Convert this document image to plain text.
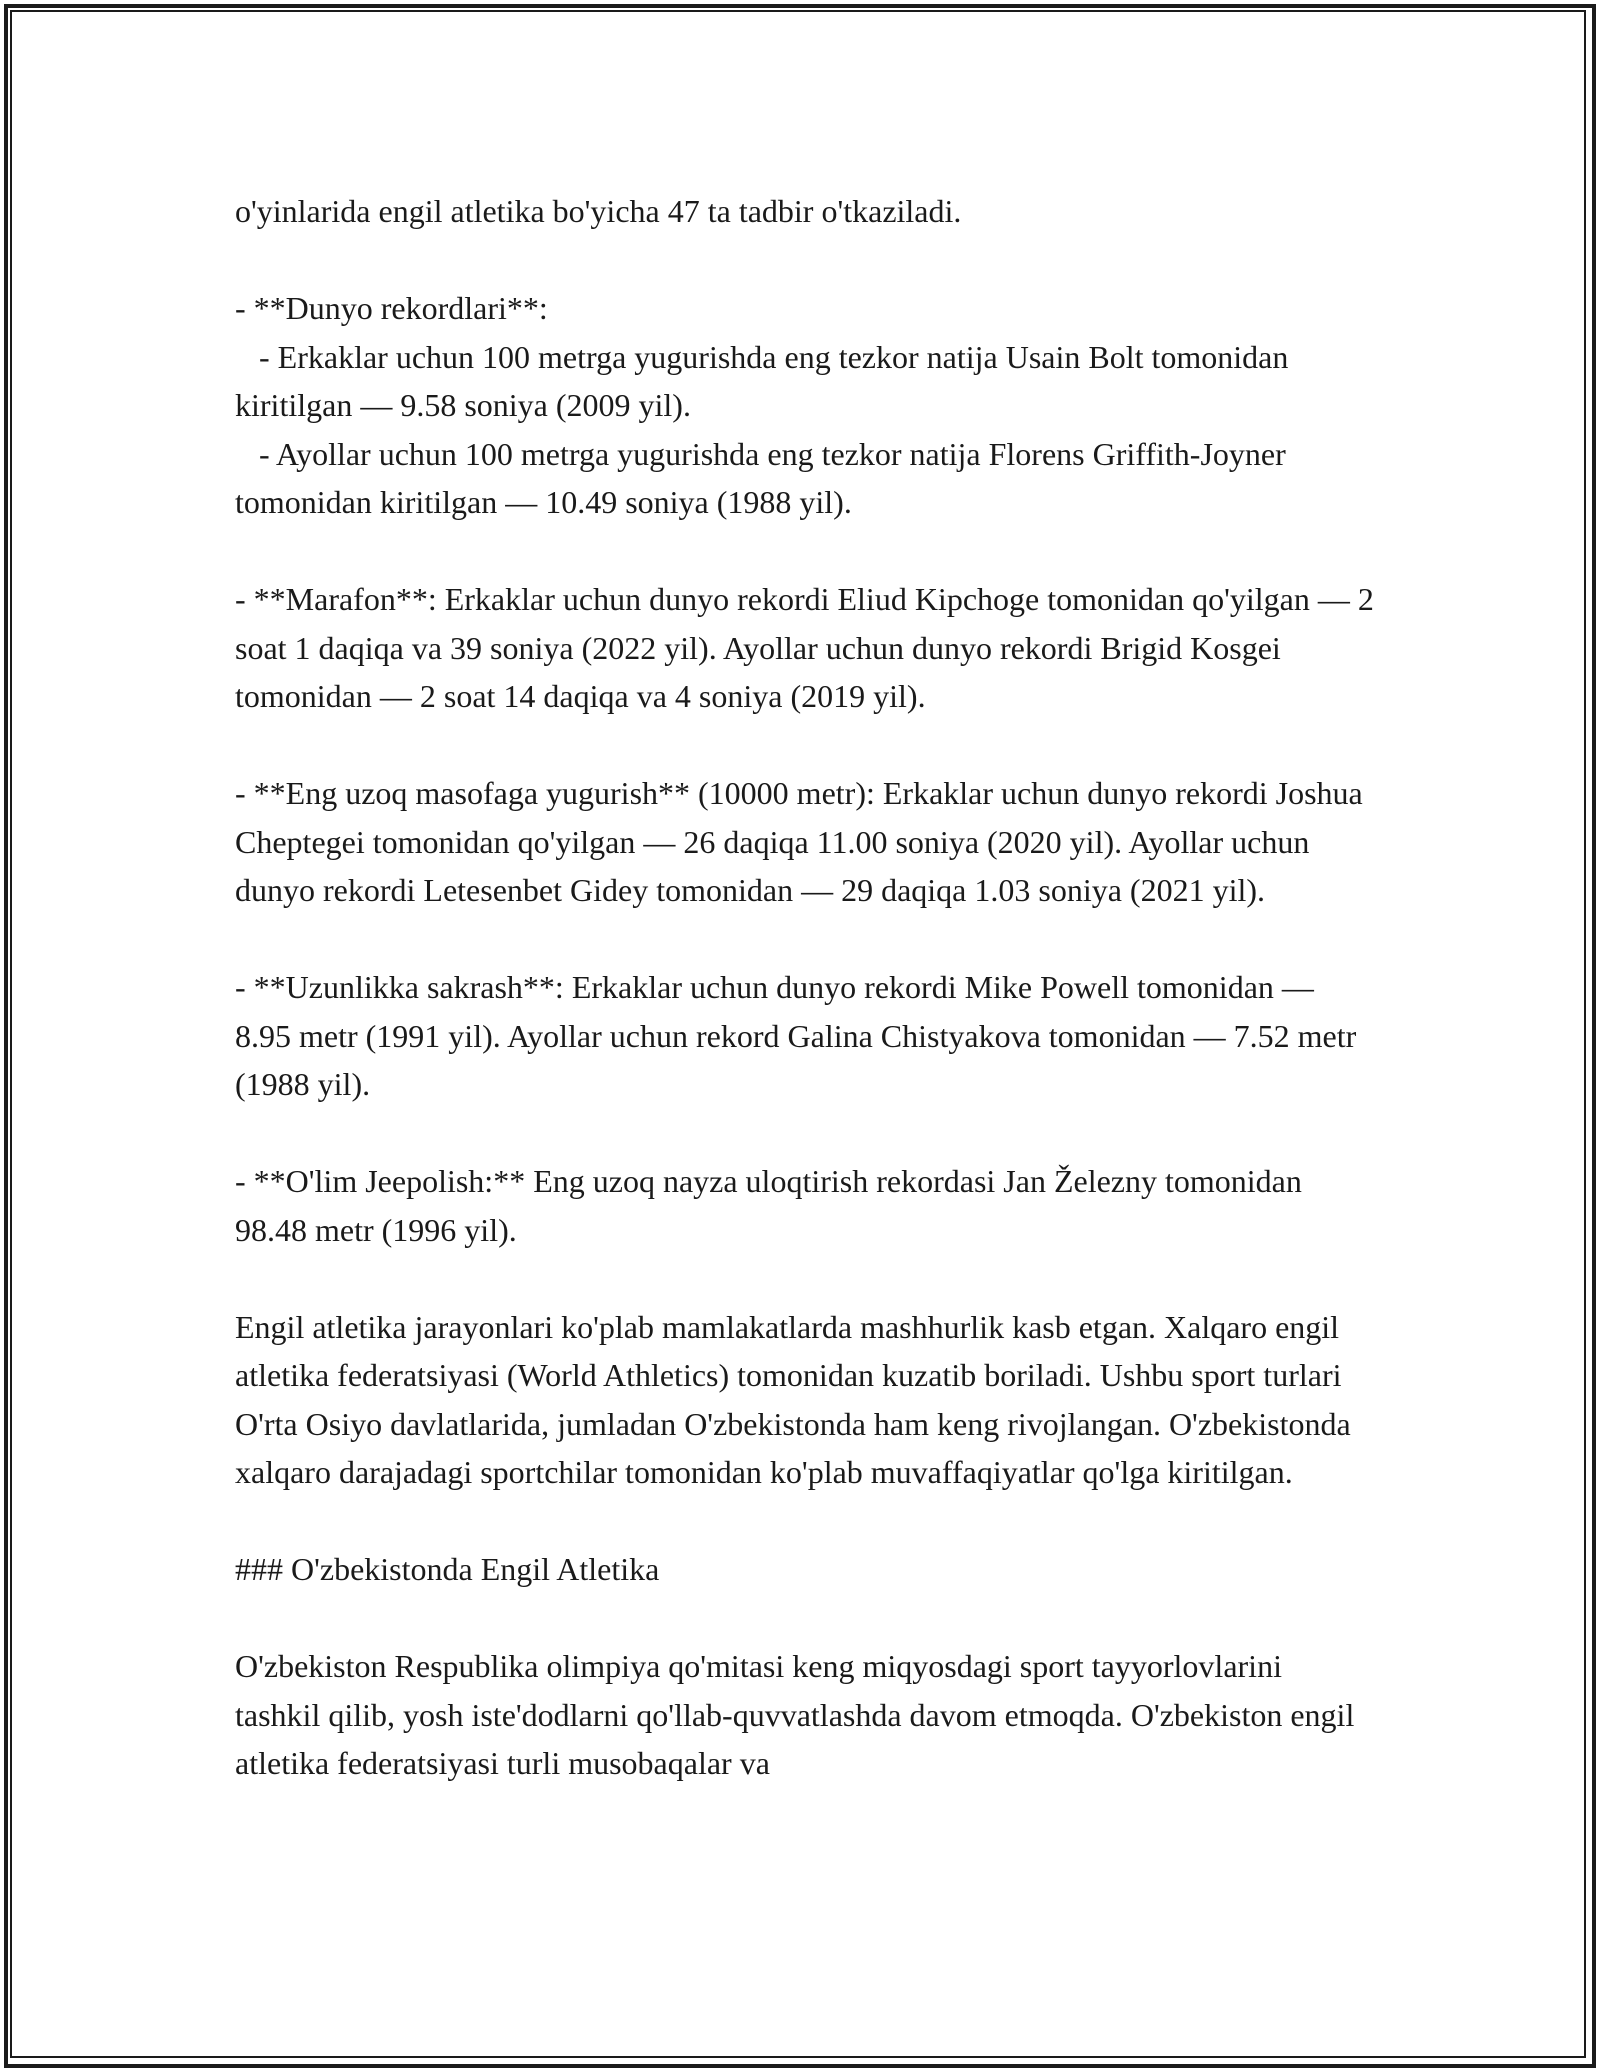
o'yinlarida engil atletika bo'yicha 47 ta tadbir o'tkaziladi.

- **Dunyo rekordlari**:
- Erkaklar uchun 100 metrga yugurishda eng tezkor natija Usain Bolt tomonidan kiritilgan — 9.58 soniya (2009 yil).
- Ayollar uchun 100 metrga yugurishda eng tezkor natija Florens Griffith-Joyner tomonidan kiritilgan — 10.49 soniya (1988 yil).

- **Marafon**: Erkaklar uchun dunyo rekordi Eliud Kipchoge tomonidan qo'yilgan — 2 soat 1 daqiqa va 39 soniya (2022 yil). Ayollar uchun dunyo rekordi Brigid Kosgei tomonidan — 2 soat 14 daqiqa va 4 soniya (2019 yil).

- **Eng uzoq masofaga yugurish** (10000 metr): Erkaklar uchun dunyo rekordi Joshua Cheptegei tomonidan qo'yilgan — 26 daqiqa 11.00 soniya (2020 yil). Ayollar uchun dunyo rekordi Letesenbet Gidey tomonidan — 29 daqiqa 1.03 soniya (2021 yil).

- **Uzunlikka sakrash**: Erkaklar uchun dunyo rekordi Mike Powell tomonidan — 8.95 metr (1991 yil). Ayollar uchun rekord Galina Chistyakova tomonidan — 7.52 metr (1988 yil).

- **O'lim Jeepolish:** Eng uzoq nayza uloqtirish rekordasi Jan Železny tomonidan 98.48 metr (1996 yil).

Engil atletika jarayonlari ko'plab mamlakatlarda mashhurlik kasb etgan. Xalqaro engil atletika federatsiyasi (World Athletics) tomonidan kuzatib boriladi. Ushbu sport turlari O'rta Osiyo davlatlarida, jumladan O'zbekistonda ham keng rivojlangan. O'zbekistonda xalqaro darajadagi sportchilar tomonidan ko'plab muvaffaqiyatlar qo'lga kiritilgan.

### O'zbekistonda Engil Atletika

O'zbekiston Respublika olimpiya qo'mitasi keng miqyosdagi sport tayyorlovlarini tashkil qilib, yosh iste'dodlarni qo'llab-quvvatlashda davom etmoqda. O'zbekiston engil atletika federatsiyasi turli musobaqalar va
